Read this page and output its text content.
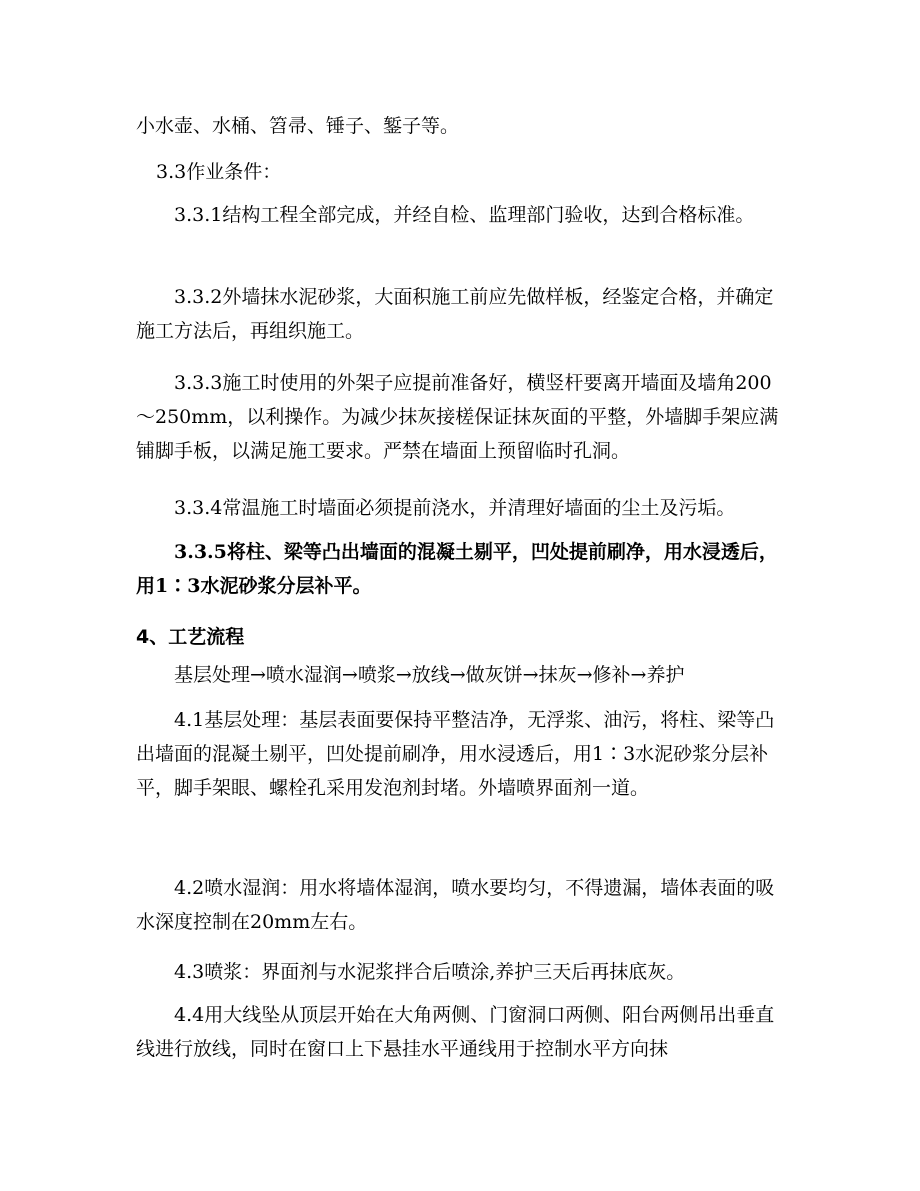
小水壶、水桶、笤帚、锤子、錾子等。

3.3作业条件：

3.3.1结构工程全部完成，并经自检、监理部门验收，达到合格标准。

3.3.2外墙抹水泥砂浆，大面积施工前应先做样板，经鉴定合格，并确定施工方法后，再组织施工。

3.3.3施工时使用的外架子应提前准备好，横竖杆要离开墙面及墙角200～250mm，以利操作。为减少抹灰接槎保证抹灰面的平整，外墙脚手架应满铺脚手板，以满足施工要求。严禁在墙面上预留临时孔洞。

3.3.4常温施工时墙面必须提前浇水，并清理好墙面的尘土及污垢。

3.3.5将柱、梁等凸出墙面的混凝土剔平，凹处提前刷净，用水浸透后，用1∶3水泥砂浆分层补平。

4、工艺流程

基层处理→喷水湿润→喷浆→放线→做灰饼→抹灰→修补→养护

4.1基层处理：基层表面要保持平整洁净，无浮浆、油污，将柱、梁等凸出墙面的混凝土剔平，凹处提前刷净，用水浸透后，用1∶3水泥砂浆分层补平，脚手架眼、螺栓孔采用发泡剂封堵。外墙喷界面剂一道。

4.2喷水湿润：用水将墙体湿润，喷水要均匀，不得遗漏，墙体表面的吸水深度控制在20mm左右。

4.3喷浆：界面剂与水泥浆拌合后喷涂,养护三天后再抹底灰。

4.4用大线坠从顶层开始在大角两侧、门窗洞口两侧、阳台两侧吊出垂直线进行放线，同时在窗口上下悬挂水平通线用于控制水平方向抹
